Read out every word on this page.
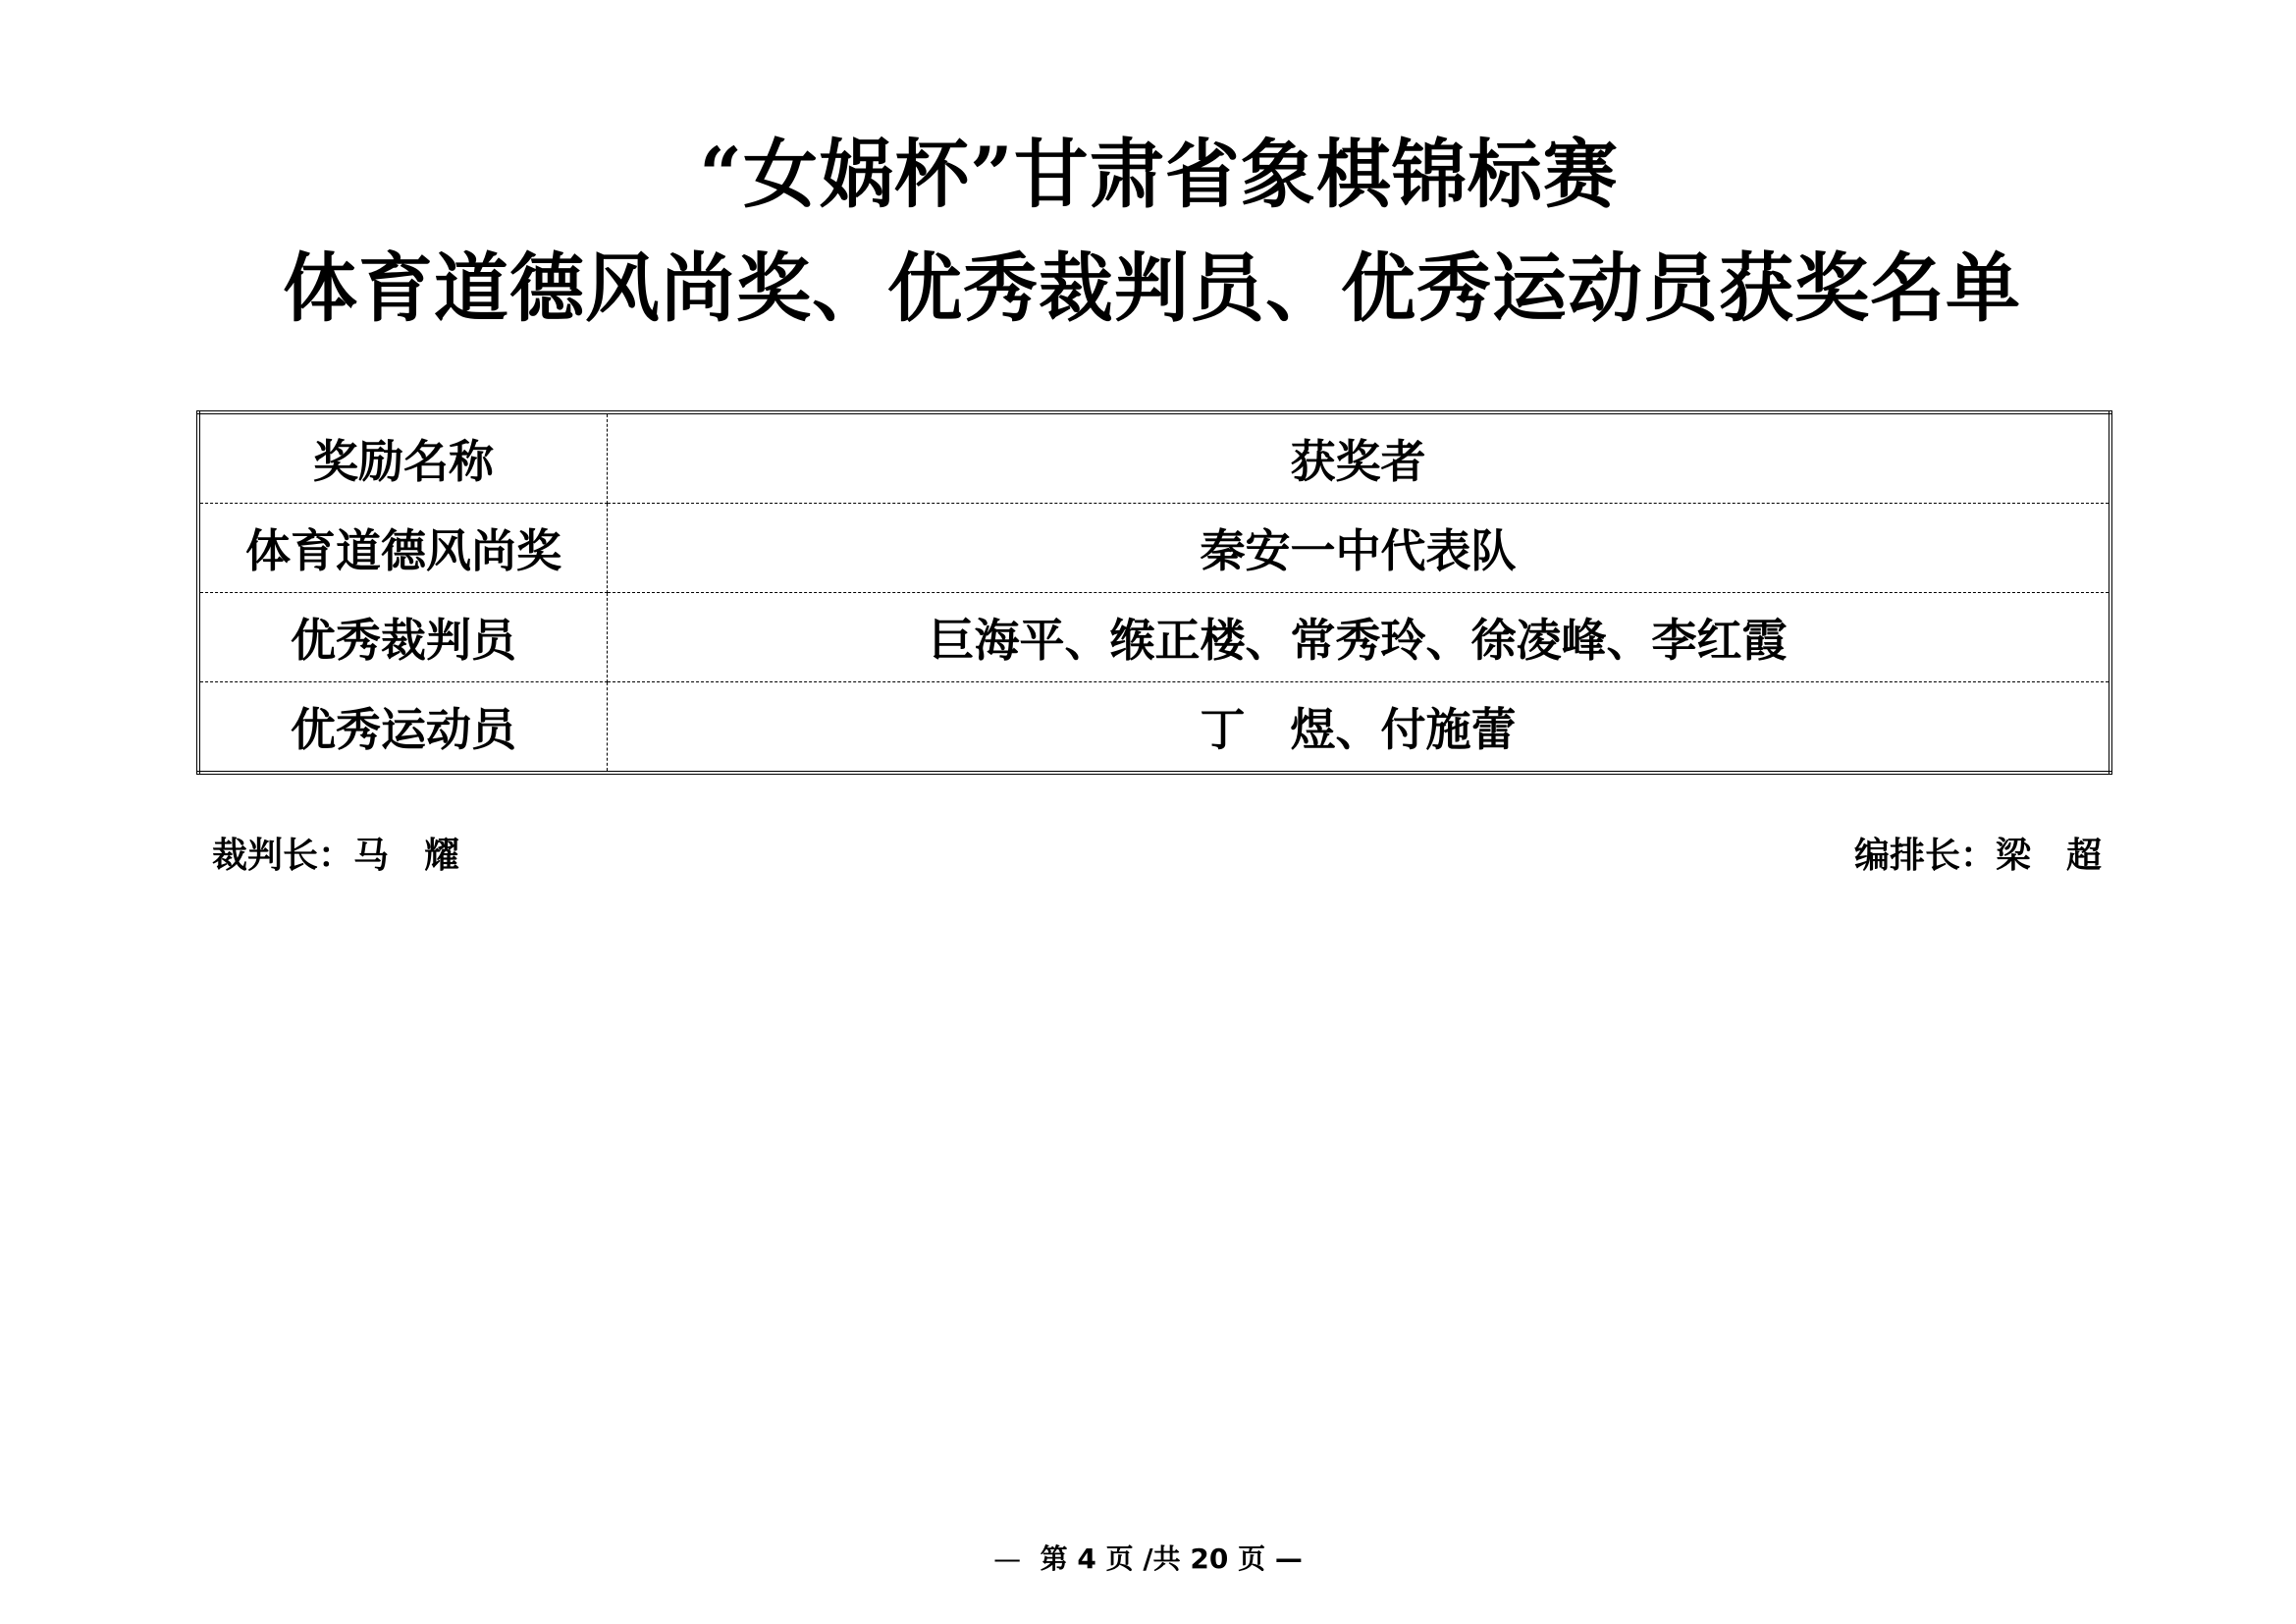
“女娲杯”甘肃省象棋锦标赛
体育道德风尚奖、优秀裁判员、优秀运动员获奖名单
奖励名称	获奖者
体育道德风尚奖	秦安一中代表队
优秀裁判员	巨海平、缑正楼、常秀玲、徐凌峰、李红霞
优秀运动员	丁　煜、付施蕾
裁判长：马　耀	编排长：梁　超
— 第 4 页 /共 20 页 —
